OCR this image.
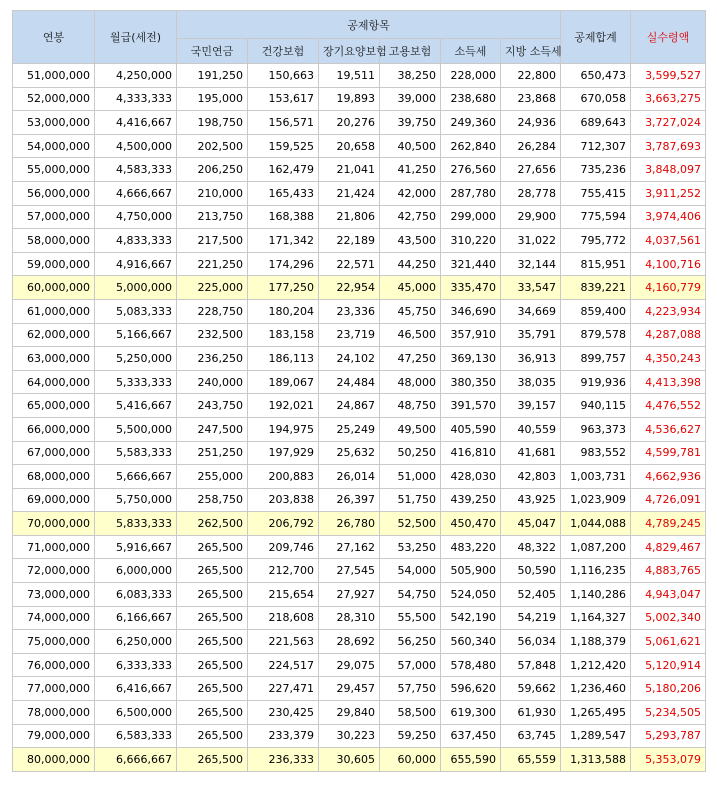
연봉	월급(세전)	공제항목						공제합계	실수령액
		국민연금	건강보험	장기요양보험	고용보험	소득세	지방 소득세		
51,000,000	4,250,000	191,250	150,663	19,511	38,250	228,000	22,800	650,473	3,599,527
52,000,000	4,333,333	195,000	153,617	19,893	39,000	238,680	23,868	670,058	3,663,275
53,000,000	4,416,667	198,750	156,571	20,276	39,750	249,360	24,936	689,643	3,727,024
54,000,000	4,500,000	202,500	159,525	20,658	40,500	262,840	26,284	712,307	3,787,693
55,000,000	4,583,333	206,250	162,479	21,041	41,250	276,560	27,656	735,236	3,848,097
56,000,000	4,666,667	210,000	165,433	21,424	42,000	287,780	28,778	755,415	3,911,252
57,000,000	4,750,000	213,750	168,388	21,806	42,750	299,000	29,900	775,594	3,974,406
58,000,000	4,833,333	217,500	171,342	22,189	43,500	310,220	31,022	795,772	4,037,561
59,000,000	4,916,667	221,250	174,296	22,571	44,250	321,440	32,144	815,951	4,100,716
60,000,000	5,000,000	225,000	177,250	22,954	45,000	335,470	33,547	839,221	4,160,779
61,000,000	5,083,333	228,750	180,204	23,336	45,750	346,690	34,669	859,400	4,223,934
62,000,000	5,166,667	232,500	183,158	23,719	46,500	357,910	35,791	879,578	4,287,088
63,000,000	5,250,000	236,250	186,113	24,102	47,250	369,130	36,913	899,757	4,350,243
64,000,000	5,333,333	240,000	189,067	24,484	48,000	380,350	38,035	919,936	4,413,398
65,000,000	5,416,667	243,750	192,021	24,867	48,750	391,570	39,157	940,115	4,476,552
66,000,000	5,500,000	247,500	194,975	25,249	49,500	405,590	40,559	963,373	4,536,627
67,000,000	5,583,333	251,250	197,929	25,632	50,250	416,810	41,681	983,552	4,599,781
68,000,000	5,666,667	255,000	200,883	26,014	51,000	428,030	42,803	1,003,731	4,662,936
69,000,000	5,750,000	258,750	203,838	26,397	51,750	439,250	43,925	1,023,909	4,726,091
70,000,000	5,833,333	262,500	206,792	26,780	52,500	450,470	45,047	1,044,088	4,789,245
71,000,000	5,916,667	265,500	209,746	27,162	53,250	483,220	48,322	1,087,200	4,829,467
72,000,000	6,000,000	265,500	212,700	27,545	54,000	505,900	50,590	1,116,235	4,883,765
73,000,000	6,083,333	265,500	215,654	27,927	54,750	524,050	52,405	1,140,286	4,943,047
74,000,000	6,166,667	265,500	218,608	28,310	55,500	542,190	54,219	1,164,327	5,002,340
75,000,000	6,250,000	265,500	221,563	28,692	56,250	560,340	56,034	1,188,379	5,061,621
76,000,000	6,333,333	265,500	224,517	29,075	57,000	578,480	57,848	1,212,420	5,120,914
77,000,000	6,416,667	265,500	227,471	29,457	57,750	596,620	59,662	1,236,460	5,180,206
78,000,000	6,500,000	265,500	230,425	29,840	58,500	619,300	61,930	1,265,495	5,234,505
79,000,000	6,583,333	265,500	233,379	30,223	59,250	637,450	63,745	1,289,547	5,293,787
80,000,000	6,666,667	265,500	236,333	30,605	60,000	655,590	65,559	1,313,588	5,353,079
